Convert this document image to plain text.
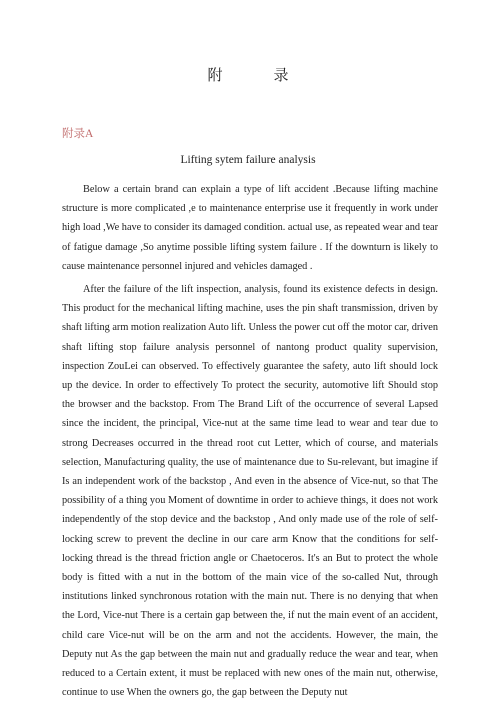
附　录
附录A
Lifting sytem failure analysis

Below a certain brand can explain a type of lift accident .Because lifting machine structure is more complicated ,e to maintenance enterprise use it frequently in work under high load ,We have to consider its damaged condition. actual use, as repeated wear and tear of fatigue damage ,So anytime possible lifting system failure . If the downturn is likely to cause maintenance personnel injured and vehicles damaged .

After the failure of the lift inspection, analysis, found its existence defects in design. This product for the mechanical lifting machine, uses the pin shaft transmission, driven by shaft lifting arm motion realization Auto lift. Unless the power cut off the motor car, driven shaft lifting stop failure analysis personnel of nantong product quality supervision, inspection ZouLei can observed. To effectively guarantee the safety, auto lift should lock up the device. In order to effectively To protect the security, automotive lift Should stop the browser and the backstop. From The Brand Lift of the occurrence of several Lapsed since the incident, the principal, Vice-nut at the same time lead to wear and tear due to strong Decreases occurred in the thread root cut Letter, which of course, and materials selection, Manufacturing quality, the use of maintenance due to Su-relevant, but imagine if Is an independent work of the backstop , And even in the absence of Vice-nut, so that The possibility of a thing you Moment of downtime in order to achieve things, it does not work independently of the stop device and the backstop , And only made use of the role of self-locking screw to prevent the decline in our care arm Know that the conditions for self-locking thread is the thread friction angle or Chaetoceros. It's an But to protect the whole body is fitted with a nut in the bottom of the main vice of the so-called Nut, through institutions linked synchronous rotation with the main nut. There is no denying that when the Lord, Vice-nut There is a certain gap between the, if nut the main event of an accident, child care Vice-nut will be on the arm and not the accidents. However, the main, the Deputy nut As the gap between the main nut and gradually reduce the wear and tear, when reduced to a Certain extent, it must be replaced with new ones of the main nut, otherwise, continue to use When the owners go, the gap between the Deputy nut
